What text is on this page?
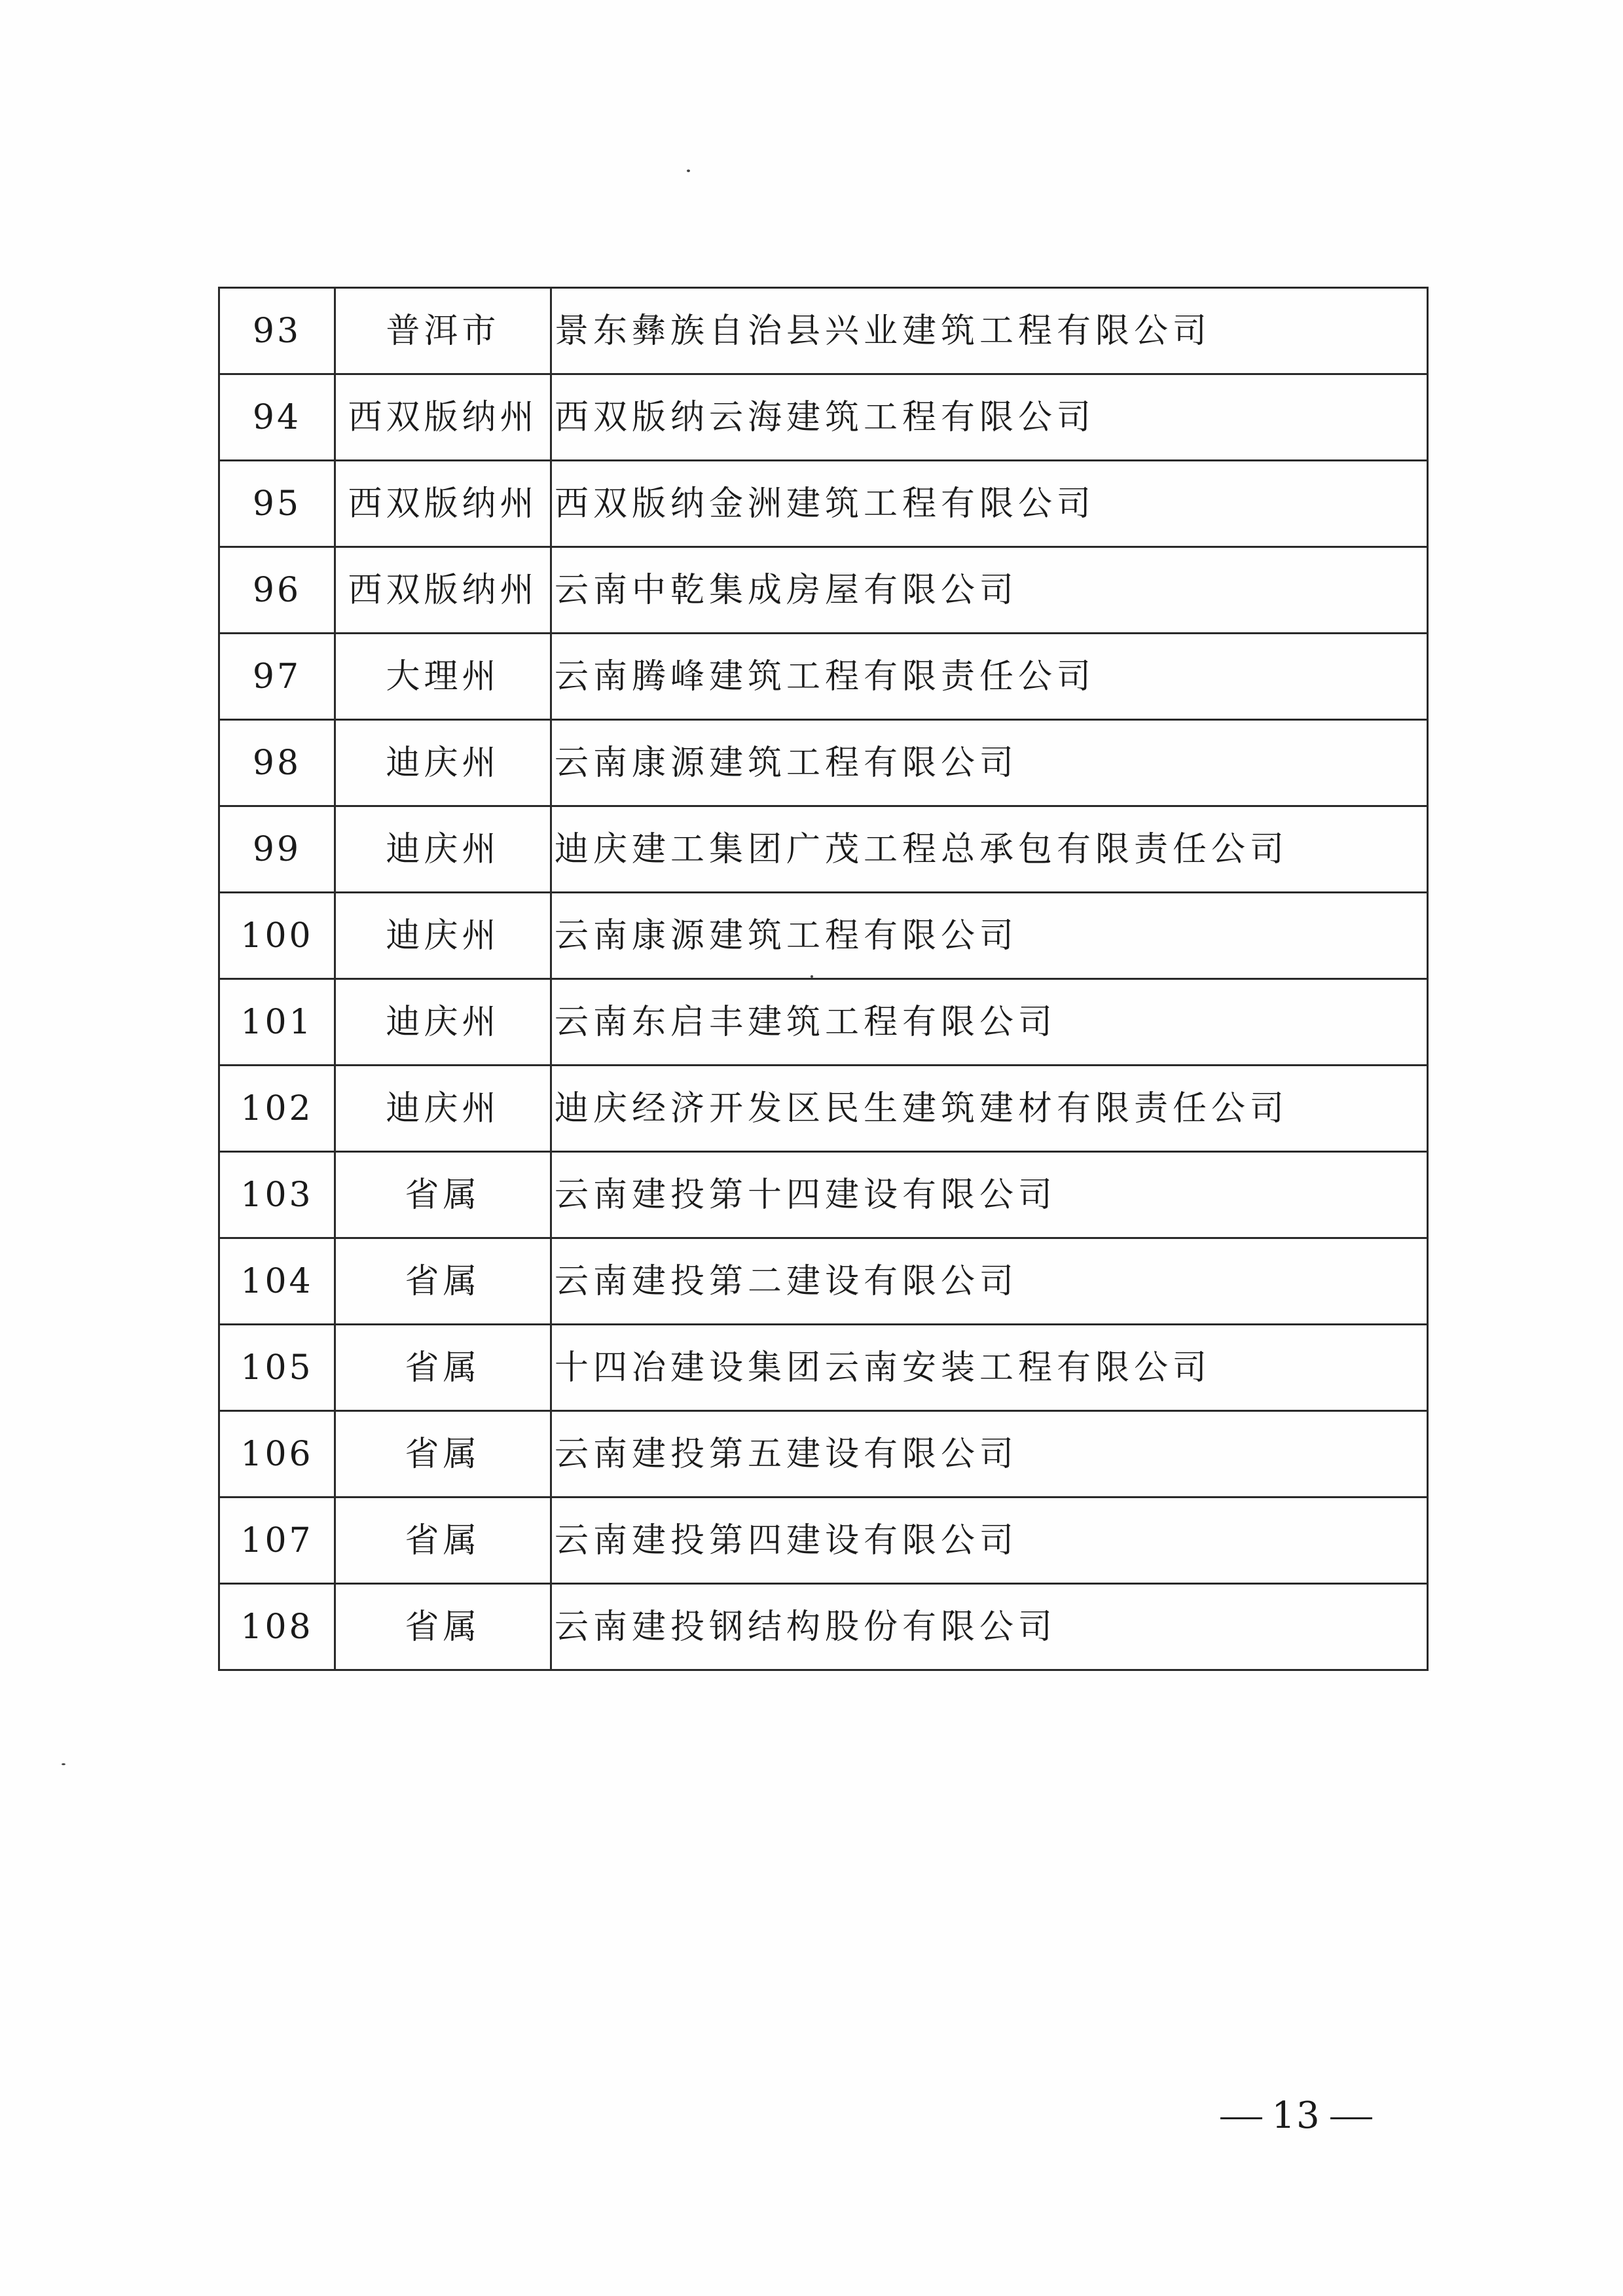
93	普洱市	景东彝族自治县兴业建筑工程有限公司
94	西双版纳州	西双版纳云海建筑工程有限公司
95	西双版纳州	西双版纳金洲建筑工程有限公司
96	西双版纳州	云南中乾集成房屋有限公司
97	大理州	云南腾峰建筑工程有限责任公司
98	迪庆州	云南康源建筑工程有限公司
99	迪庆州	迪庆建工集团广茂工程总承包有限责任公司
100	迪庆州	云南康源建筑工程有限公司
101	迪庆州	云南东启丰建筑工程有限公司
102	迪庆州	迪庆经济开发区民生建筑建材有限责任公司
103	省属	云南建投第十四建设有限公司
104	省属	云南建投第二建设有限公司
105	省属	十四冶建设集团云南安装工程有限公司
106	省属	云南建投第五建设有限公司
107	省属	云南建投第四建设有限公司
108	省属	云南建投钢结构股份有限公司
13
